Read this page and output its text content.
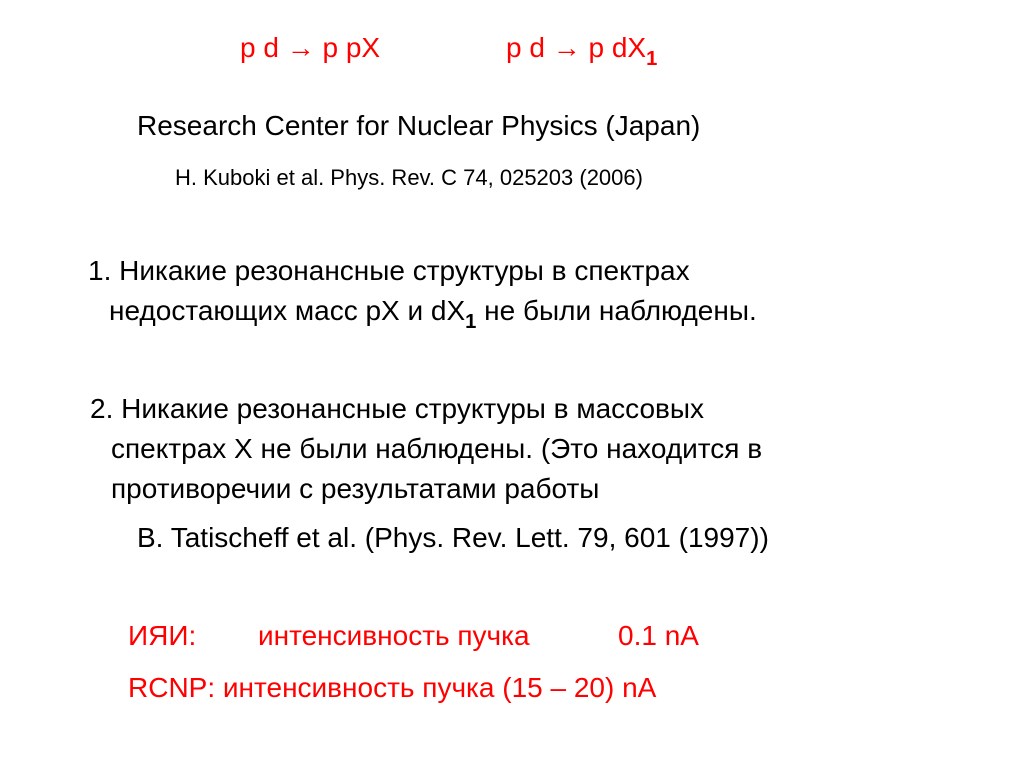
p d → p pX	p d → p $dX_1$
Research Center for Nuclear Physics (Japan)
H. Kuboki et al. Phys. Rev. C 74, 025203 (2006)
1. Никакие резонансные структуры в спектрах
недостающих масс pX и $dX_1$ не были наблюдены.
2. Никакие резонансные структуры в массовых
спектрах X не были наблюдены. (Это находится в
противоречии с результатами работы
B. Tatischeff et al. (Phys. Rev. Lett. 79, 601 (1997))
ИЯИ: интенсивность пучка	0.1 nA
RCNP: интенсивность пучка (15 – 20) nA
